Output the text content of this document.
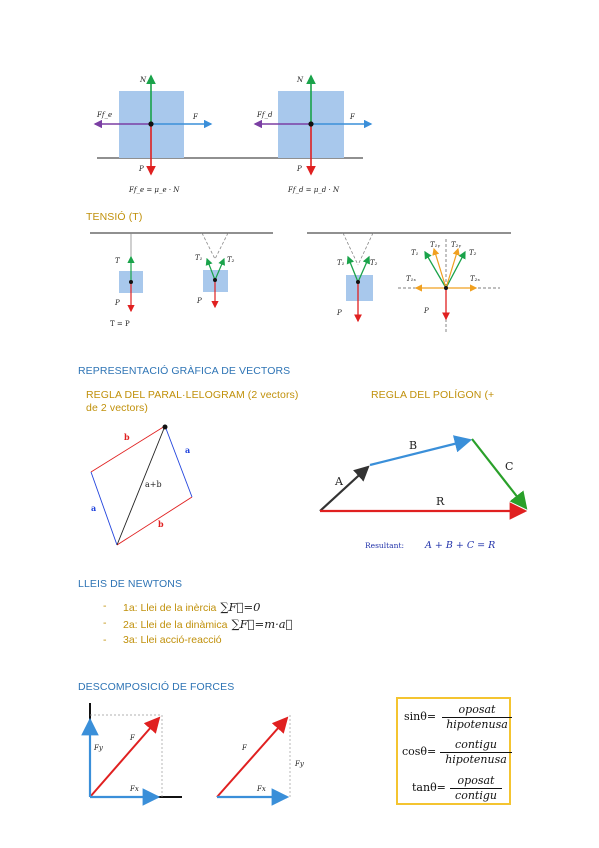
N
P
F
Ff_e
Ff_e = μ_e · N
N
P
F
Ff_d
Ff_d = μ_d · N
TENSIÓ (T)
T
P
T = P
T₁	T₂
P
T₁	T₂
P
T₁
T₁ᵧ T₂ᵧ
T₂
T₁ₓ	T₂ₓ
P
REPRESENTACIÓ GRÀFICA DE VECTORS
REGLA DEL PARAL·LELOGRAM (2 vectors)
de 2 vectors)
REGLA DEL POLÍGON (+
b
b
a
a
a+b	A
B
C
R
Resultant: A + B + C = R
LLEIS DE NEWTONS
- 1a: Llei de la inèrcia ∑F⃗=0
- 2a: Llei de la dinàmica ∑F⃗=m·a⃗
- 3a: Llei acció-reacció
DESCOMPOSICIÓ DE FORCES
F
Fy
Fx
F
Fy
Fx
sinθ=
oposat
hipotenusa
cosθ=
contigu
hipotenusa
tanθ=
oposat
contigu
